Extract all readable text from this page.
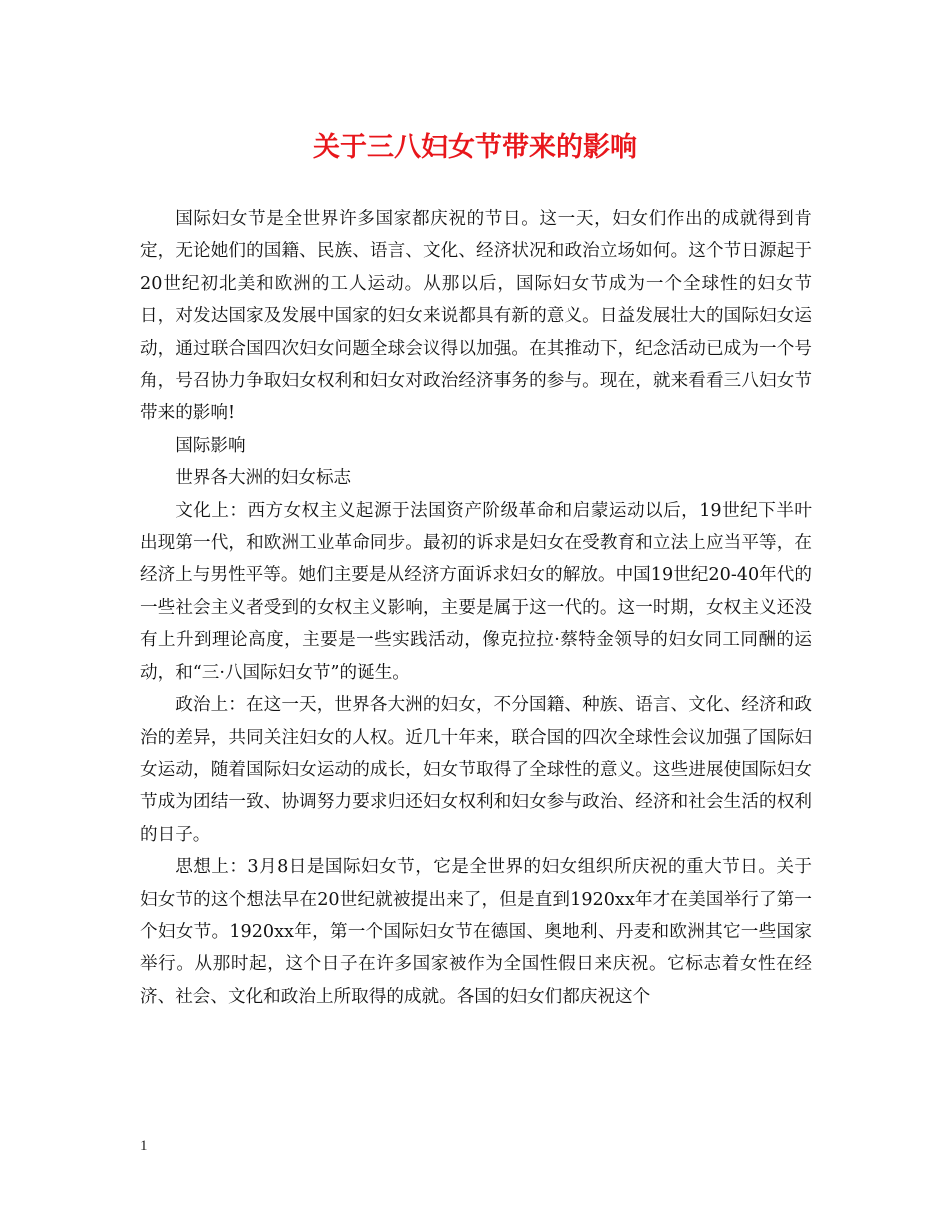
关于三八妇女节带来的影响

国际妇女节是全世界许多国家都庆祝的节日。这一天，妇女们作出的成就得到肯定，无论她们的国籍、民族、语言、文化、经济状况和政治立场如何。这个节日源起于20世纪初北美和欧洲的工人运动。从那以后，国际妇女节成为一个全球性的妇女节日，对发达国家及发展中国家的妇女来说都具有新的意义。日益发展壮大的国际妇女运动，通过联合国四次妇女问题全球会议得以加强。在其推动下，纪念活动已成为一个号角，号召协力争取妇女权利和妇女对政治经济事务的参与。现在，就来看看三八妇女节带来的影响!

国际影响

世界各大洲的妇女标志

文化上：西方女权主义起源于法国资产阶级革命和启蒙运动以后，19世纪下半叶出现第一代，和欧洲工业革命同步。最初的诉求是妇女在受教育和立法上应当平等，在经济上与男性平等。她们主要是从经济方面诉求妇女的解放。中国19世纪20-40年代的一些社会主义者受到的女权主义影响，主要是属于这一代的。这一时期，女权主义还没有上升到理论高度，主要是一些实践活动，像克拉拉·蔡特金领导的妇女同工同酬的运动，和“三·八国际妇女节”的诞生。

政治上：在这一天，世界各大洲的妇女，不分国籍、种族、语言、文化、经济和政治的差异，共同关注妇女的人权。近几十年来，联合国的四次全球性会议加强了国际妇女运动，随着国际妇女运动的成长，妇女节取得了全球性的意义。这些进展使国际妇女节成为团结一致、协调努力要求归还妇女权利和妇女参与政治、经济和社会生活的权利的日子。

思想上：3月8日是国际妇女节，它是全世界的妇女组织所庆祝的重大节日。关于妇女节的这个想法早在20世纪就被提出来了，但是直到1920xx年才在美国举行了第一个妇女节。1920xx年，第一个国际妇女节在德国、奥地利、丹麦和欧洲其它一些国家举行。从那时起，这个日子在许多国家被作为全国性假日来庆祝。它标志着女性在经济、社会、文化和政治上所取得的成就。各国的妇女们都庆祝这个

1
